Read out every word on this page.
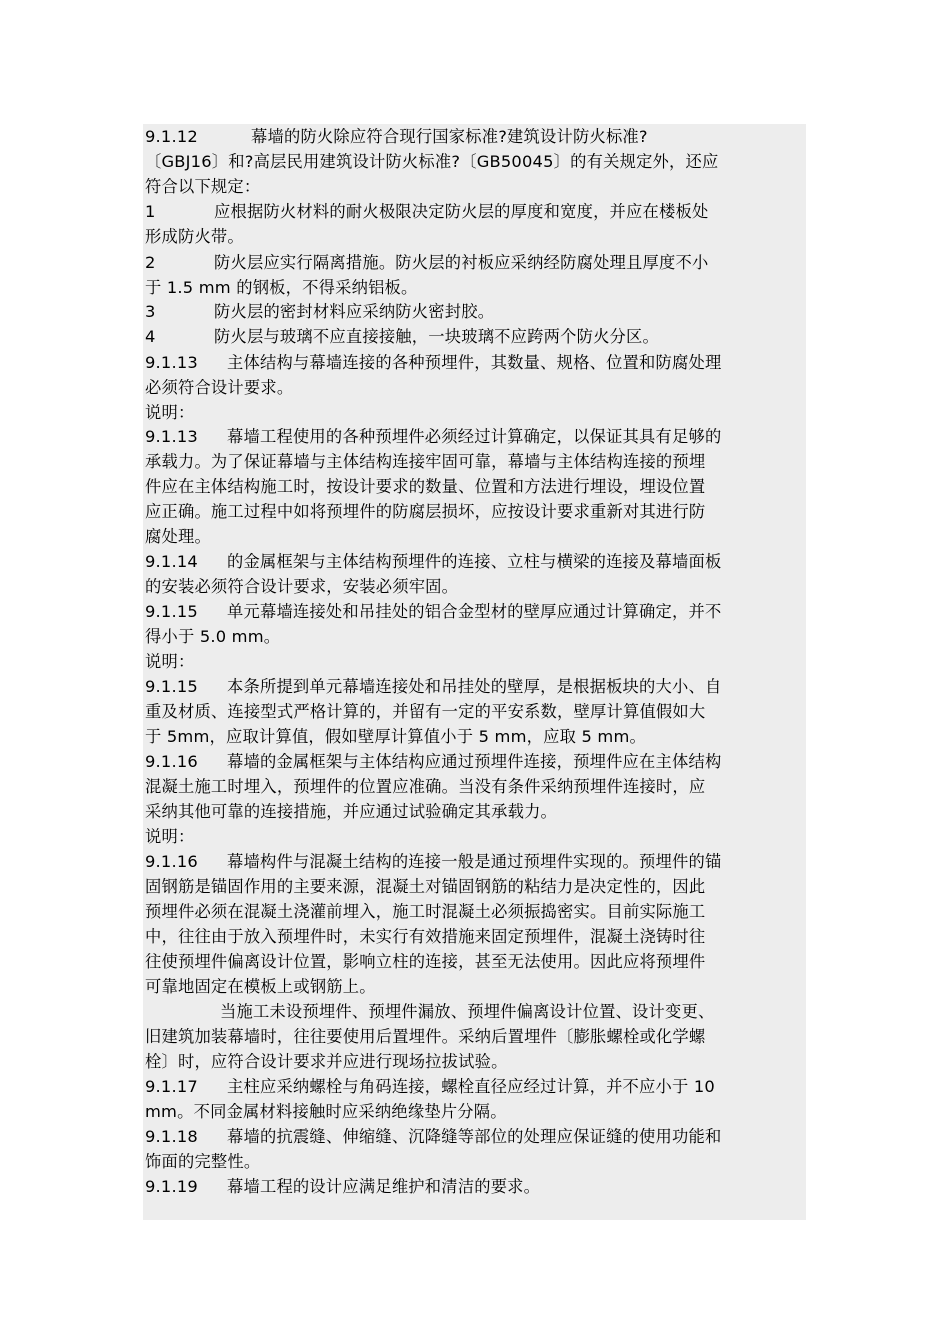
9.1.12	幕墙的防火除应符合现行国家标准?建筑设计防火标准?
〔GBJ16〕和?高层民用建筑设计防火标准?〔GB50045〕的有关规定外，还应
符合以下规定：
1	应根据防火材料的耐火极限决定防火层的厚度和宽度，并应在楼板处
形成防火带。
2	防火层应实行隔离措施。防火层的衬板应采纳经防腐处理且厚度不小
于 1.5 mm 的钢板，不得采纳铝板。
3	防火层的密封材料应采纳防火密封胶。
4	防火层与玻璃不应直接接触，一块玻璃不应跨两个防火分区。
9.1.13 主体结构与幕墙连接的各种预埋件，其数量、规格、位置和防腐处理
必须符合设计要求。
说明：
9.1.13 幕墙工程使用的各种预埋件必须经过计算确定，以保证其具有足够的
承载力。为了保证幕墙与主体结构连接牢固可靠，幕墙与主体结构连接的预埋
件应在主体结构施工时，按设计要求的数量、位置和方法进行埋设，埋设位置
应正确。施工过程中如将预埋件的防腐层损坏，应按设计要求重新对其进行防
腐处理。
9.1.14 的金属框架与主体结构预埋件的连接、立柱与横梁的连接及幕墙面板
的安装必须符合设计要求，安装必须牢固。
9.1.15 单元幕墙连接处和吊挂处的铝合金型材的壁厚应通过计算确定，并不
得小于 5.0 mm。
说明：
9.1.15 本条所提到单元幕墙连接处和吊挂处的壁厚，是根据板块的大小、自
重及材质、连接型式严格计算的，并留有一定的平安系数，壁厚计算值假如大
于 5mm，应取计算值，假如壁厚计算值小于 5 mm，应取 5 mm。
9.1.16 幕墙的金属框架与主体结构应通过预埋件连接，预埋件应在主体结构
混凝土施工时埋入，预埋件的位置应准确。当没有条件采纳预埋件连接时，应
采纳其他可靠的连接措施，并应通过试验确定其承载力。
说明：
9.1.16 幕墙构件与混凝土结构的连接一般是通过预埋件实现的。预埋件的锚
固钢筋是锚固作用的主要来源，混凝土对锚固钢筋的粘结力是决定性的，因此
预埋件必须在混凝土浇灌前埋入，施工时混凝土必须振捣密实。目前实际施工
中，往往由于放入预埋件时，未实行有效措施来固定预埋件，混凝土浇铸时往
往使预埋件偏离设计位置，影响立柱的连接，甚至无法使用。因此应将预埋件
可靠地固定在模板上或钢筋上。
当施工未设预埋件、预埋件漏放、预埋件偏离设计位置、设计变更、
旧建筑加装幕墙时，往往要使用后置埋件。采纳后置埋件〔膨胀螺栓或化学螺
栓〕时，应符合设计要求并应进行现场拉拔试验。
9.1.17 主柱应采纳螺栓与角码连接，螺栓直径应经过计算，并不应小于 10
mm。不同金属材料接触时应采纳绝缘垫片分隔。
9.1.18 幕墙的抗震缝、伸缩缝、沉降缝等部位的处理应保证缝的使用功能和
饰面的完整性。
9.1.19 幕墙工程的设计应满足维护和清洁的要求。
